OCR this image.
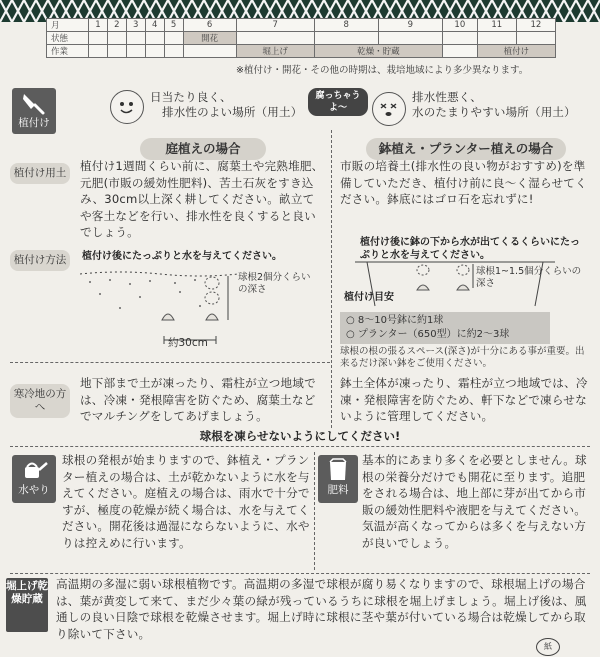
月	1	2	3	4	5	6	7	8	9	10	11	12
状態						開花						
作業							堀上げ	乾燥・貯蔵			植付け	
※植付け・開花・その他の時期は、栽培地域により多少異なります。
植付け
日当たり良く、
排水性のよい場所（用土）
腐っちゃうよ～
排水性悪く、
水のたまりやすい場所（用土）
庭植えの場合
植付け用土	植付け1週間くらい前に、腐葉土や完熟堆肥、元肥(市販の緩効性肥料)、苦土石灰をすき込み、30cm以上深く耕してください。畝立てや客土などを行い、排水性を良くすると良いでしょう。
植付け方法	植付け後にたっぷりと水を与えてください。
球根2個分くらいの深さ
約30cm
寒冷地の方へ
地下部まで土が凍ったり、霜柱が立つ地域では、冷凍・発根障害を防ぐため、腐葉土などでマルチングをしてあげましょう。
鉢植え・プランター植えの場合
市販の培養土(排水性の良い物がおすすめ)を準備していただき、植付け前に良～く湿らせてください。鉢底にはゴロ石を忘れずに!
植付け後に鉢の下から水が出てくるくらいにたっぷりと水を与えてください。
球根1~1.5個分くらいの深さ
植付け目安
○ 8～10号鉢に約1球
○ プランター（650型）に約2～3球
球根の根の張るスペース(深さ)が十分にある事が重要。出来るだけ深い鉢をご使用ください。
鉢土全体が凍ったり、霜柱が立つ地域では、冷凍・発根障害を防ぐため、軒下などで凍らせないように管理してください。
球根を凍らせないようにしてください!
水やり
球根の発根が始まりますので、鉢植え・プランター植えの場合は、土が乾かないように水を与えてください。庭植えの場合は、雨水で十分ですが、極度の乾燥が続く場合は、水を与えてください。開花後は過湿にならないように、水やりは控えめに行います。
肥料
基本的にあまり多くを必要としません。球根の栄養分だけでも開花に至ります。追肥をされる場合は、地上部に芽が出てから市販の緩効性肥料や液肥を与えてください。気温が高くなってからは多くを与えない方が良いでしょう。
堀上げ乾燥貯蔵
高温期の多湿に弱い球根植物です。高温期の多湿で球根が腐り易くなりますので、球根堀上げの場合は、葉が黄変して来て、まだ少々葉の緑が残っているうちに球根を堀上げましょう。堀上げ後は、風通しの良い日陰で球根を乾燥させます。堀上げ時に球根に茎や葉が付いている場合は乾燥してから取り除いて下さい。
紙
